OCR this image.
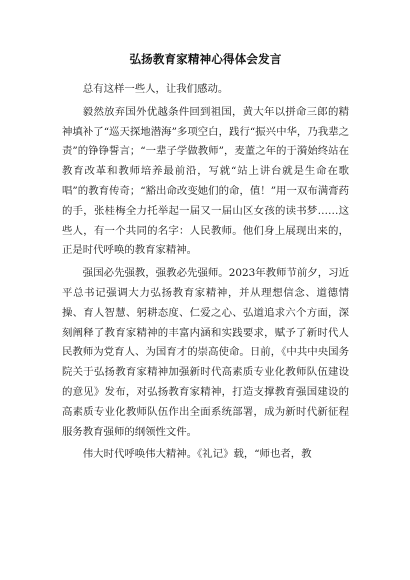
弘扬教育家精神心得体会发言

总有这样一些人，让我们感动。

毅然放弃国外优越条件回到祖国，黄大年以拼命三郎的精神填补了“巡天探地潜海”多项空白，践行“振兴中华，乃我辈之责”的铮铮誓言；“一辈子学做教师”，麦董之年的于漪始终站在教育改革和教师培养最前沿，写就“站上讲台就是生命在歌唱”的教育传奇；“豁出命改变她们的命，值！”用一双布满膏药的手，张桂梅全力托举起一届又一届山区女孩的读书梦……这些人，有一个共同的名字：人民教师。他们身上展现出来的，正是时代呼唤的教育家精神。

强国必先强教，强教必先强师。2023年教师节前夕，习近平总书记强调大力弘扬教育家精神，并从理想信念、道德情操、育人智慧、躬耕态度、仁爱之心、弘道追求六个方面，深刻阐释了教育家精神的丰富内涵和实践要求，赋予了新时代人民教师为党育人、为国育才的崇高使命。日前，《中共中央国务院关于弘扬教育家精神加强新时代高素质专业化教师队伍建设的意见》发布，对弘扬教育家精神，打造支撑教育强国建设的高素质专业化教师队伍作出全面系统部署，成为新时代新征程服务教育强师的纲领性文件。

伟大时代呼唤伟大精神。《礼记》载，“师也者，教
